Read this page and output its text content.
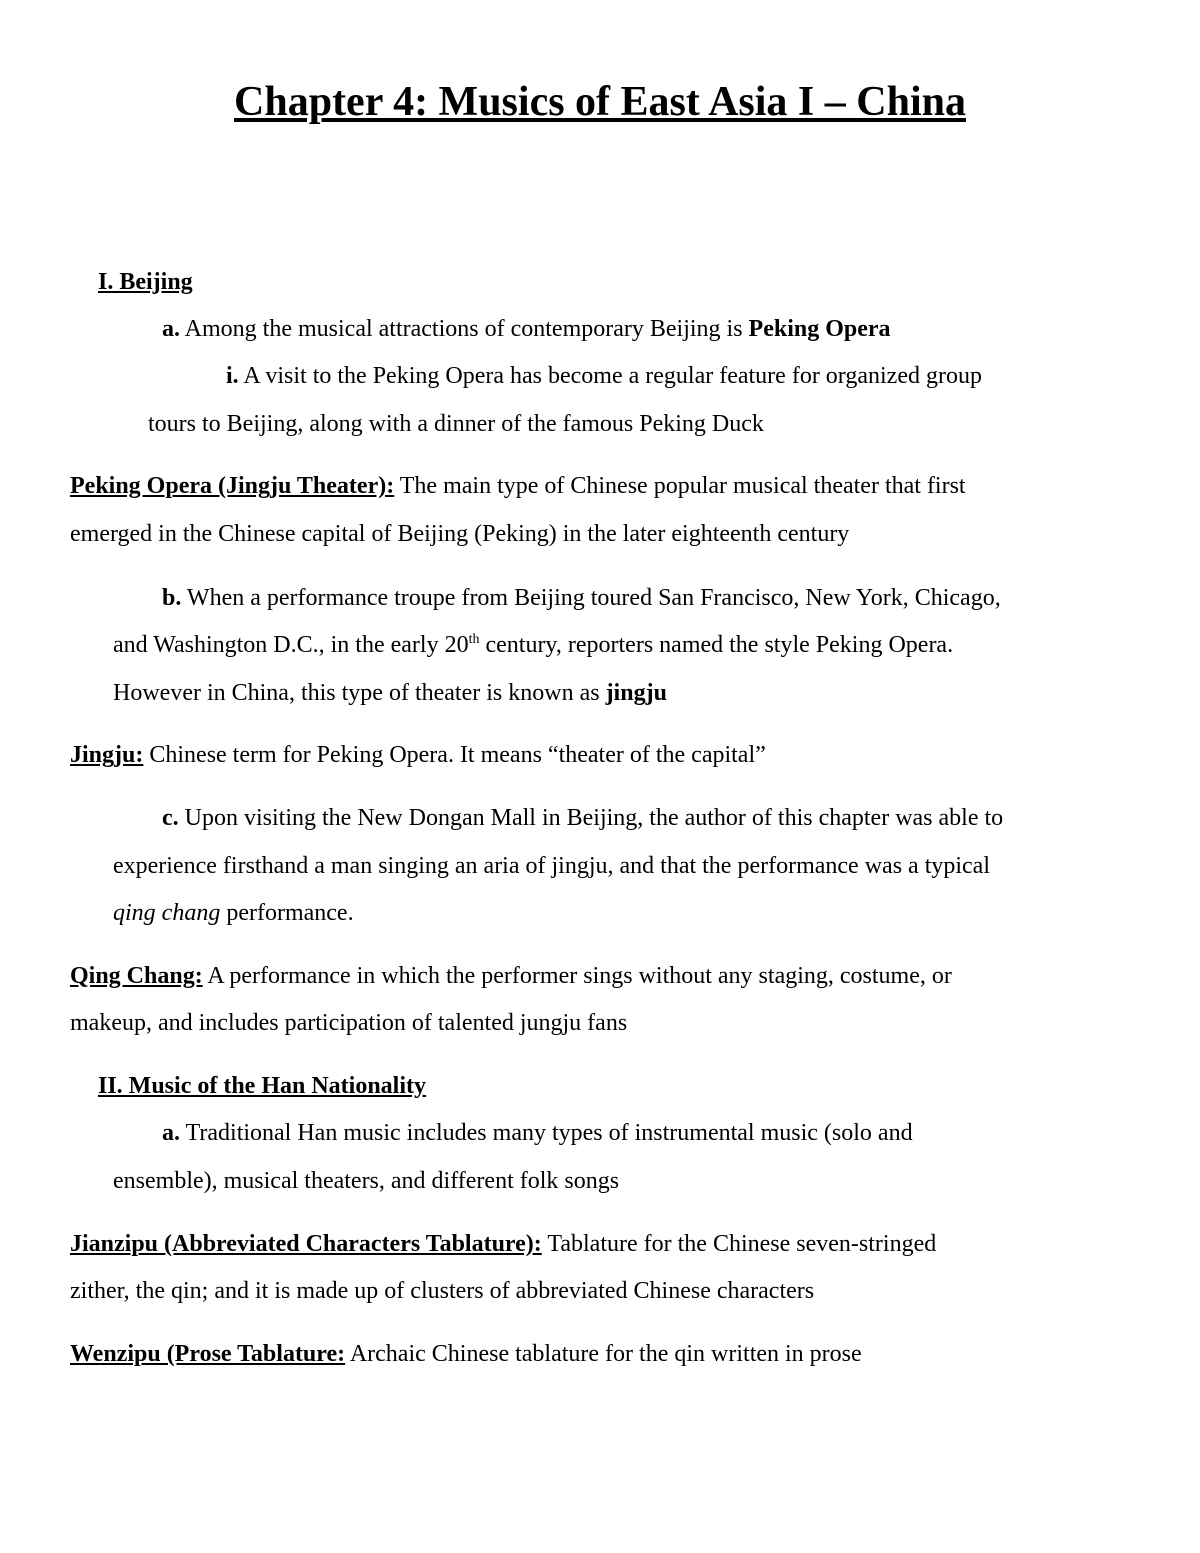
Chapter 4: Musics of East Asia I – China
I. Beijing
a. Among the musical attractions of contemporary Beijing is Peking Opera
i. A visit to the Peking Opera has become a regular feature for organized group
tours to Beijing, along with a dinner of the famous Peking Duck
Peking Opera (Jingju Theater): The main type of Chinese popular musical theater that first
emerged in the Chinese capital of Beijing (Peking) in the later eighteenth century
b. When a performance troupe from Beijing toured San Francisco, New York, Chicago,
and Washington D.C., in the early 20th century, reporters named the style Peking Opera.
However in China, this type of theater is known as jingju
Jingju: Chinese term for Peking Opera. It means “theater of the capital”
c. Upon visiting the New Dongan Mall in Beijing, the author of this chapter was able to
experience firsthand a man singing an aria of jingju, and that the performance was a typical
qing chang performance.
Qing Chang: A performance in which the performer sings without any staging, costume, or
makeup, and includes participation of talented jungju fans
II. Music of the Han Nationality
a. Traditional Han music includes many types of instrumental music (solo and
ensemble), musical theaters, and different folk songs
Jianzipu (Abbreviated Characters Tablature): Tablature for the Chinese seven-stringed
zither, the qin; and it is made up of clusters of abbreviated Chinese characters
Wenzipu (Prose Tablature: Archaic Chinese tablature for the qin written in prose
